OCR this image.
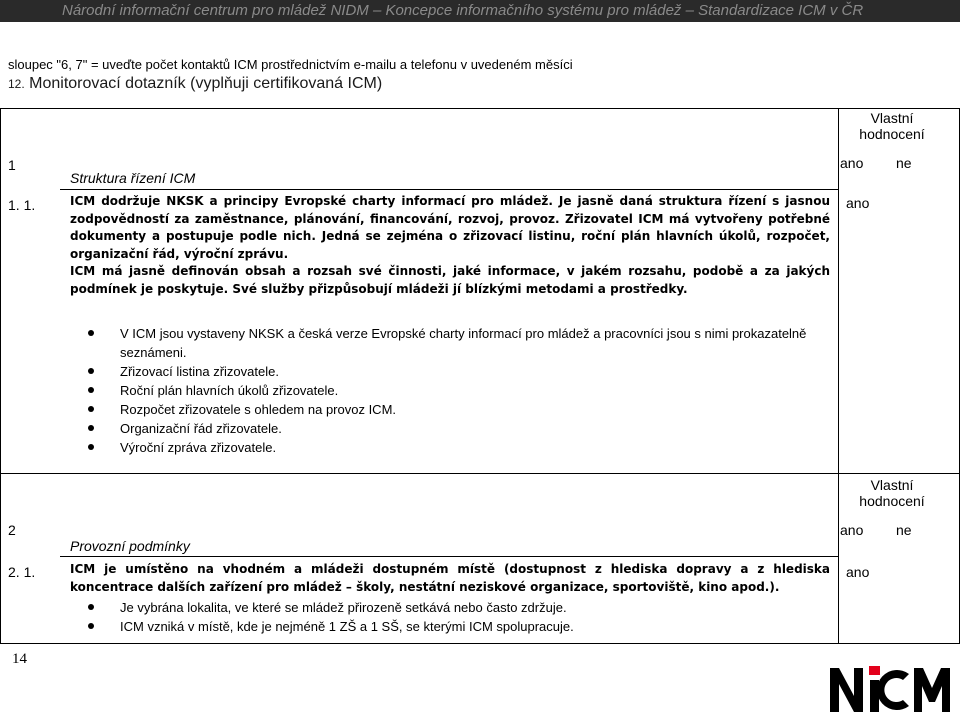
Národní informační centrum pro mládež NIDM – Koncepce informačního systému pro mládež – Standardizace ICM v ČR
sloupec "6, 7" = uveďte počet kontaktů ICM prostřednictvím e-mailu a telefonu v uvedeném měsíci
12. Monitorovací dotazník (vyplňuji certifikovaná ICM)
1
Struktura řízení ICM
Vlastní hodnocení
ano ne
1. 1.	ICM dodržuje NKSK a principy Evropské charty informací pro mládež. Je jasně daná struktura řízení s jasnou zodpovědností za zaměstnance, plánování, financování, rozvoj, provoz. Zřizovatel ICM má vytvořeny potřebné dokumenty a postupuje podle nich. Jedná se zejména o zřizovací listinu, roční plán hlavních úkolů, rozpočet, organizační řád, výroční zprávu.
ICM má jasně definován obsah a rozsah své činnosti, jaké informace, v jakém rozsahu, podobě a za jakých podmínek je poskytuje. Své služby přizpůsobují mládeži jí blízkými metodami a prostředky.
ano
V ICM jsou vystaveny NKSK a česká verze Evropské charty informací pro mládež a pracovníci jsou s nimi prokazatelně seznámeni.
Zřizovací listina zřizovatele.
Roční plán hlavních úkolů zřizovatele.
Rozpočet zřizovatele s ohledem na provoz ICM.
Organizační řád zřizovatele.
Výroční zpráva zřizovatele.
2
Provozní podmínky
Vlastní hodnocení
ano ne
2. 1.	ICM je umístěno na vhodném a mládeži dostupném místě (dostupnost z hlediska dopravy a z hlediska koncentrace dalších zařízení pro mládež – školy, nestátní neziskové organizace, sportoviště, kino apod.).
ano
Je vybrána lokalita, ve které se mládež přirozeně setkává nebo často zdržuje.
ICM vzniká v místě, kde je nejméně 1 ZŠ a 1 SŠ, se kterými ICM spolupracuje.
14
